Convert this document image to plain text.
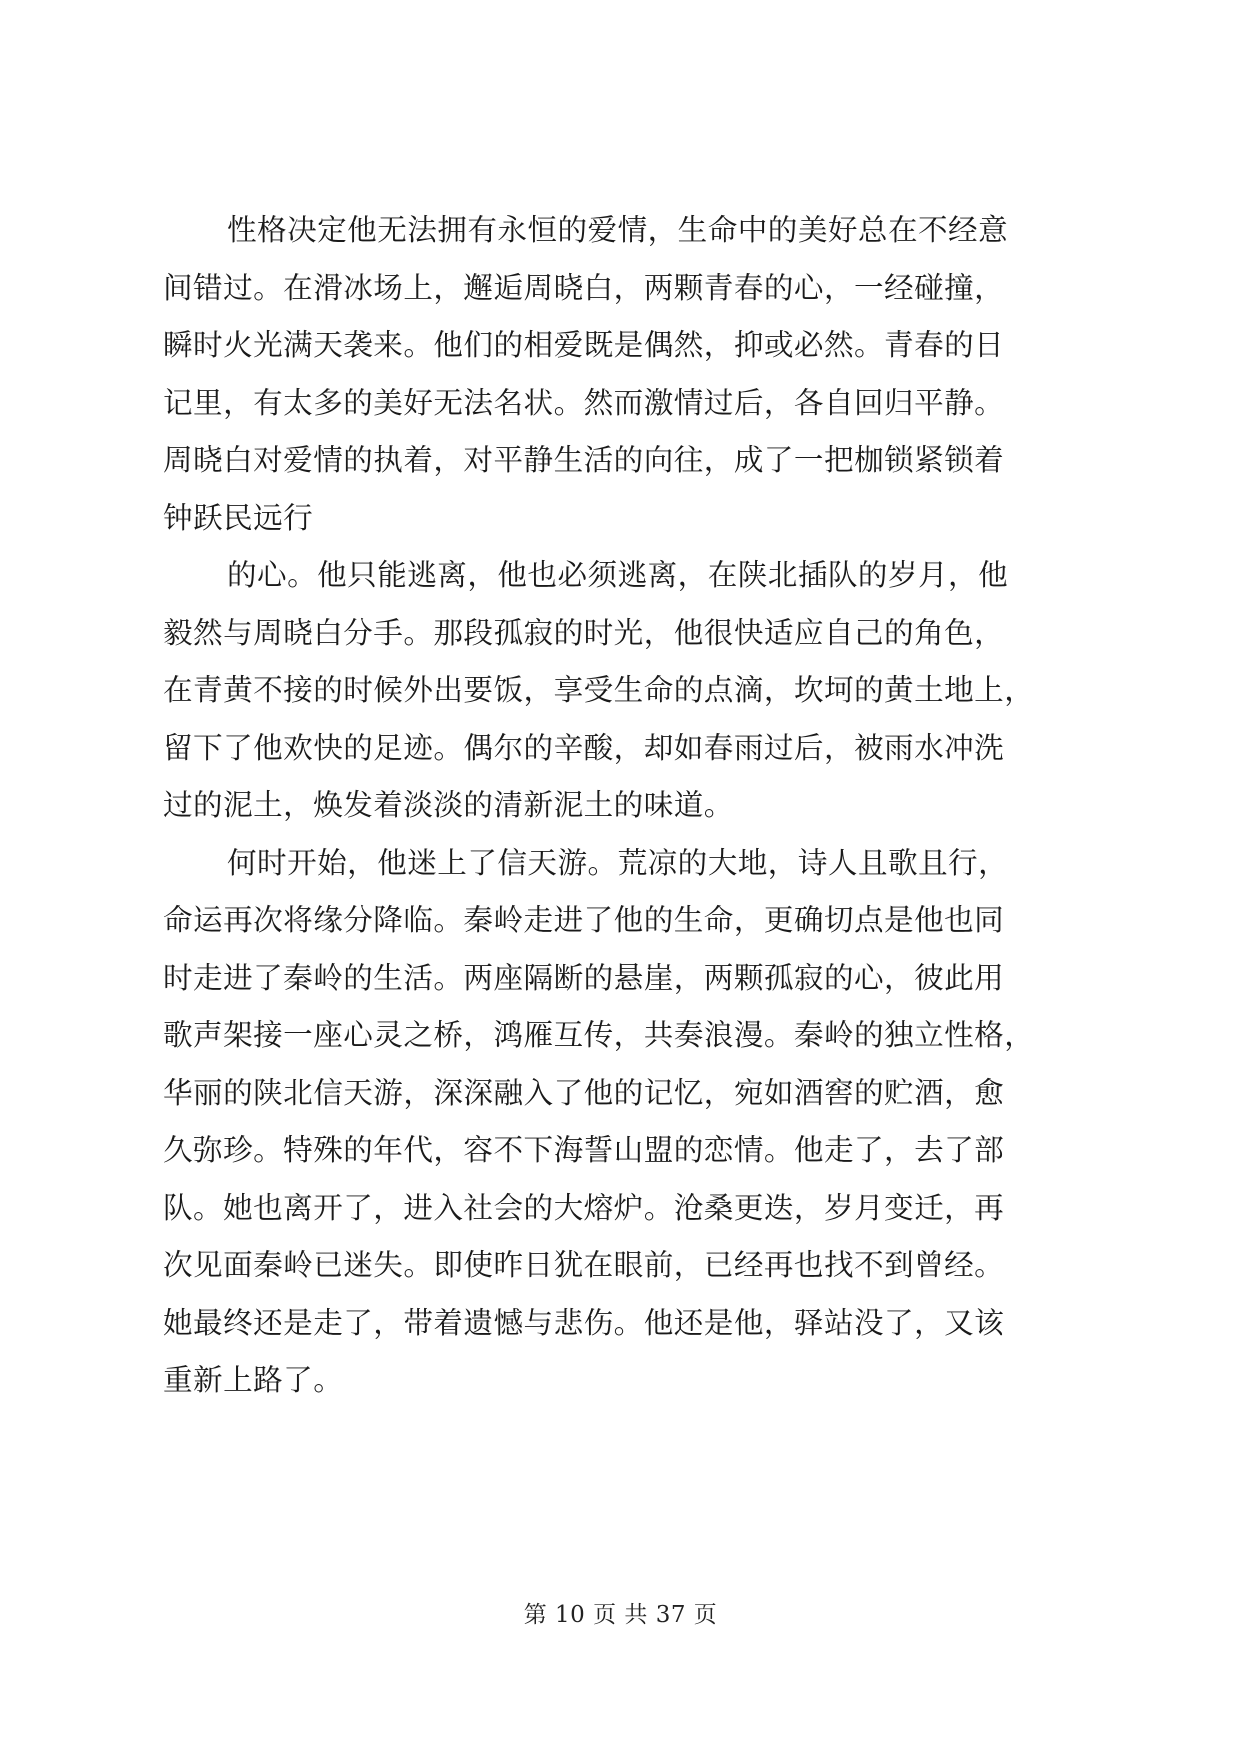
性格决定他无法拥有永恒的爱情，生命中的美好总在不经意
间错过。在滑冰场上，邂逅周晓白，两颗青春的心，一经碰撞，
瞬时火光满天袭来。他们的相爱既是偶然，抑或必然。青春的日
记里，有太多的美好无法名状。然而激情过后，各自回归平静。
周晓白对爱情的执着，对平静生活的向往，成了一把枷锁紧锁着
钟跃民远行
的心。他只能逃离，他也必须逃离，在陕北插队的岁月，他
毅然与周晓白分手。那段孤寂的时光，他很快适应自己的角色，
在青黄不接的时候外出要饭，享受生命的点滴，坎坷的黄土地上，
留下了他欢快的足迹。偶尔的辛酸，却如春雨过后，被雨水冲洗
过的泥土，焕发着淡淡的清新泥土的味道。
何时开始，他迷上了信天游。荒凉的大地，诗人且歌且行，
命运再次将缘分降临。秦岭走进了他的生命，更确切点是他也同
时走进了秦岭的生活。两座隔断的悬崖，两颗孤寂的心，彼此用
歌声架接一座心灵之桥，鸿雁互传，共奏浪漫。秦岭的独立性格，
华丽的陕北信天游，深深融入了他的记忆，宛如酒窖的贮酒，愈
久弥珍。特殊的年代，容不下海誓山盟的恋情。他走了，去了部
队。她也离开了，进入社会的大熔炉。沧桑更迭，岁月变迁，再
次见面秦岭已迷失。即使昨日犹在眼前，已经再也找不到曾经。
她最终还是走了，带着遗憾与悲伤。他还是他，驿站没了，又该
重新上路了。
第 10 页 共 37 页
